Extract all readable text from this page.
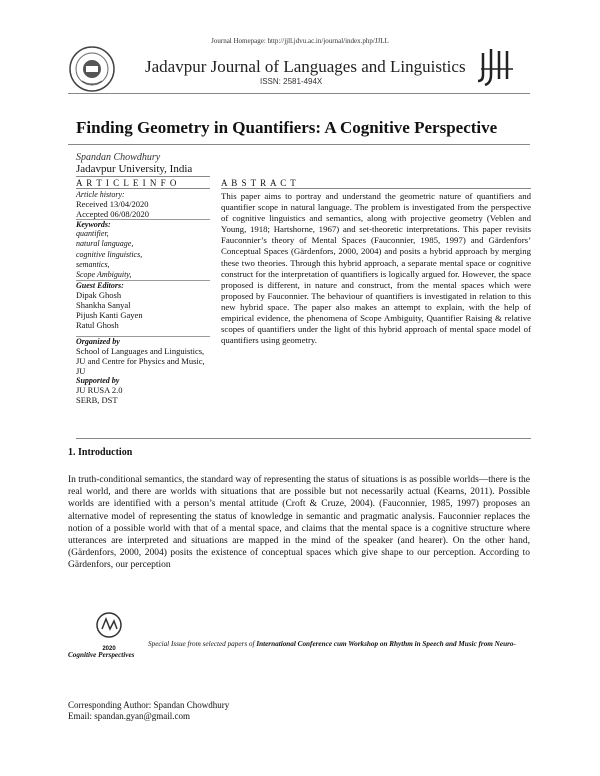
Journal Homepage: http://jjll.jdvu.ac.in/journal/index.php/JJLL
Jadavpur Journal of Languages and Linguistics
ISSN: 2581-494X
Finding Geometry in Quantifiers: A Cognitive Perspective
Spandan Chowdhury
Jadavpur University, India
A R T I C L E I N F O
Article history:
Received 13/04/2020
Accepted 06/08/2020
Keywords:
quantifier,
natural language,
cognitive linguistics,
semantics,
Scope Ambiguity,
Guest Editors:
Dipak Ghosh
Shankha Sanyal
Pijush Kanti Gayen
Ratul Ghosh
Organized by
School of Languages and Linguistics, JU and Centre for Physics and Music, JU
Supported by
JU RUSA 2.0
SERB, DST
A B S T R A C T
This paper aims to portray and understand the geometric nature of quantifiers and quantifier scope in natural language. The problem is investigated from the perspective of cognitive linguistics and semantics, along with projective geometry (Veblen and Young, 1918; Hartshorne, 1967) and set-theoretic interpretations. This paper revisits Fauconnier’s theory of Mental Spaces (Fauconnier, 1985, 1997) and Gärdenfors’ Conceptual Spaces (Gärdenfors, 2000, 2004) and posits a hybrid approach by merging these two theories. Through this hybrid approach, a separate mental space or cognitive construct for the interpretation of quantifiers is logically argued for. However, the space proposed is different, in nature and construct, from the mental spaces which were proposed by Fauconnier. The behaviour of quantifiers is investigated in relation to this new hybrid space. The paper also makes an attempt to explain, with the help of empirical evidence, the phenomena of Scope Ambiguity, Quantifier Raising & relative scopes of quantifiers under the light of this hybrid approach of mental space model of quantifiers using geometry.
1. Introduction
In truth-conditional semantics, the standard way of representing the status of situations is as possible worlds—there is the real world, and there are worlds with situations that are possible but not necessarily actual (Kearns, 2011). Possible worlds are identified with a person’s mental attitude (Croft & Cruze, 2004). (Fauconnier, 1985, 1997) proposes an alternative model of representing the status of knowledge in semantic and pragmatic analysis. Fauconnier replaces the notion of a possible world with that of a mental space, and claims that the mental space is a cognitive structure where utterances are interpreted and situations are mapped in the mind of the speaker (and hearer). On the other hand, (Gärdenfors, 2000, 2004) posits the existence of conceptual spaces which give shape to our perception. According to Gärdenfors, our perception
2020
Special Issue from selected papers of International Conference cum Workshop on Rhythm in Speech and Music from Neuro-Cognitive Perspectives
Corresponding Author: Spandan Chowdhury
Email: spandan.gyan@gmail.com
